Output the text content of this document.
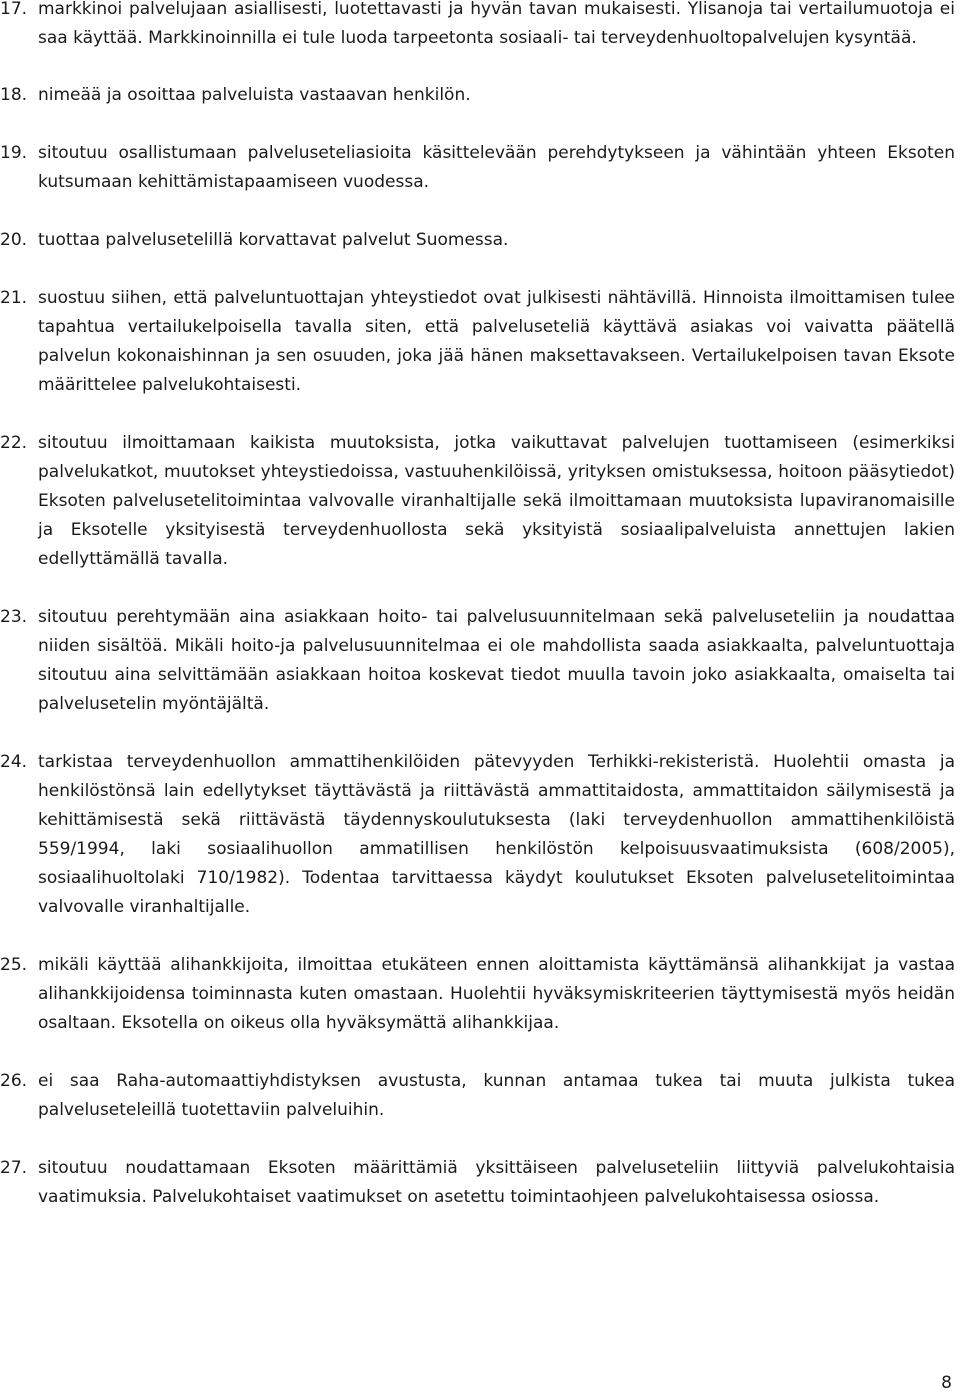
17. markkinoi palvelujaan asiallisesti, luotettavasti ja hyvän tavan mukaisesti. Ylisanoja tai vertailumuotoja ei saa käyttää. Markkinoinnilla ei tule luoda tarpeetonta sosiaali- tai terveydenhuoltopalvelujen kysyntää.
18. nimeää ja osoittaa palveluista vastaavan henkilön.
19. sitoutuu osallistumaan palveluseteliasioita käsittelevään perehdytykseen ja vähintään yhteen Eksoten kutsumaan kehittämistapaamiseen vuodessa.
20. tuottaa palvelusetelillä korvattavat palvelut Suomessa.
21. suostuu siihen, että palveluntuottajan yhteystiedot ovat julkisesti nähtävillä. Hinnoista ilmoittamisen tulee tapahtua vertailukelpoisella tavalla siten, että palveluseteliä käyttävä asiakas voi vaivatta päätellä palvelun kokonaishinnan ja sen osuuden, joka jää hänen maksettavakseen. Vertailukelpoisen tavan Eksote määrittelee palvelukohtaisesti.
22. sitoutuu ilmoittamaan kaikista muutoksista, jotka vaikuttavat palvelujen tuottamiseen (esimerkiksi palvelukatkot, muutokset yhteystiedoissa, vastuuhenkilöissä, yrityksen omistuksessa, hoitoon pääsytiedot) Eksoten palvelusetelitoimintaa valvovalle viranhaltijalle sekä ilmoittamaan muutoksista lupaviranomaisille ja Eksotelle yksityisestä terveydenhuollosta sekä yksityistä sosiaalipalveluista annettujen lakien edellyttämällä tavalla.
23. sitoutuu perehtymään aina asiakkaan hoito- tai palvelusuunnitelmaan sekä palveluseteliin ja noudattaa niiden sisältöä. Mikäli hoito-ja palvelusuunnitelmaa ei ole mahdollista saada asiakkaalta, palveluntuottaja sitoutuu aina selvittämään asiakkaan hoitoa koskevat tiedot muulla tavoin joko asiakkaalta, omaiselta tai palvelusetelin myöntäjältä.
24. tarkistaa terveydenhuollon ammattihenkilöiden pätevyyden Terhikki-rekisteristä. Huolehtii omasta ja henkilöstönsä lain edellytykset täyttävästä ja riittävästä ammattitaidosta, ammattitaidon säilymisestä ja kehittämisestä sekä riittävästä täydennyskoulutuksesta (laki terveydenhuollon ammattihenkilöistä 559/1994, laki sosiaalihuollon ammatillisen henkilöstön kelpoisuusvaatimuksista (608/2005), sosiaalihuoltolaki 710/1982). Todentaa tarvittaessa käydyt koulutukset Eksoten palvelusetelitoimintaa valvovalle viranhaltijalle.
25. mikäli käyttää alihankkijoita, ilmoittaa etukäteen ennen aloittamista käyttämänsä alihankkijat ja vastaa alihankkijoidensa toiminnasta kuten omastaan. Huolehtii hyväksymiskriteerien täyttymisestä myös heidän osaltaan. Eksotella on oikeus olla hyväksymättä alihankkijaa.
26. ei saa Raha-automaattiyhdistyksen avustusta, kunnan antamaa tukea tai muuta julkista tukea palveluseteleillä tuotettaviin palveluihin.
27. sitoutuu noudattamaan Eksoten määrittämiä yksittäiseen palveluseteliin liittyviä palvelukohtaisia vaatimuksia. Palvelukohtaiset vaatimukset on asetettu toimintaohjeen palvelukohtaisessa osiossa.
8
